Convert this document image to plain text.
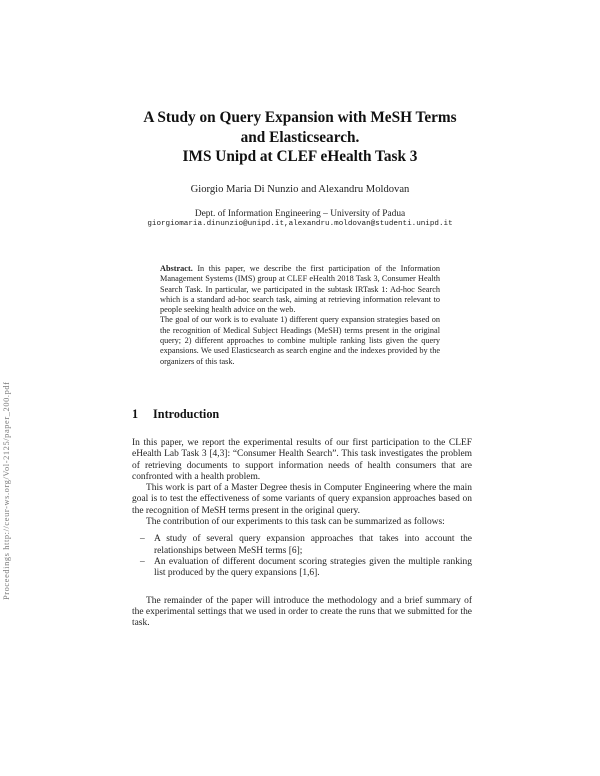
Proceedings http://ceur-ws.org/Vol-2125/paper_200.pdf
A Study on Query Expansion with MeSH Terms
and Elasticsearch.
IMS Unipd at CLEF eHealth Task 3
Giorgio Maria Di Nunzio and Alexandru Moldovan
Dept. of Information Engineering – University of Padua
giorgiomaria.dinunzio@unipd.it,alexandru.moldovan@studenti.unipd.it

Abstract. In this paper, we describe the first participation of the Information Management Systems (IMS) group at CLEF eHealth 2018 Task 3, Consumer Health Search Task. In particular, we participated in the subtask IRTask 1: Ad-hoc Search which is a standard ad-hoc search task, aiming at retrieving information relevant to people seeking health advice on the web.

The goal of our work is to evaluate 1) different query expansion strategies based on the recognition of Medical Subject Headings (MeSH) terms present in the original query; 2) different approaches to combine multiple ranking lists given the query expansions. We used Elasticsearch as search engine and the indexes provided by the organizers of this task.

1 Introduction

In this paper, we report the experimental results of our first participation to the CLEF eHealth Lab Task 3 [4,3]: “Consumer Health Search”. This task investigates the problem of retrieving documents to support information needs of health consumers that are confronted with a health problem.

This work is part of a Master Degree thesis in Computer Engineering where the main goal is to test the effectiveness of some variants of query expansion approaches based on the recognition of MeSH terms present in the original query.

The contribution of our experiments to this task can be summarized as follows:

– A study of several query expansion approaches that takes into account the relationships between MeSH terms [6];
– An evaluation of different document scoring strategies given the multiple ranking list produced by the query expansions [1,6].

The remainder of the paper will introduce the methodology and a brief summary of the experimental settings that we used in order to create the runs that we submitted for the task.
